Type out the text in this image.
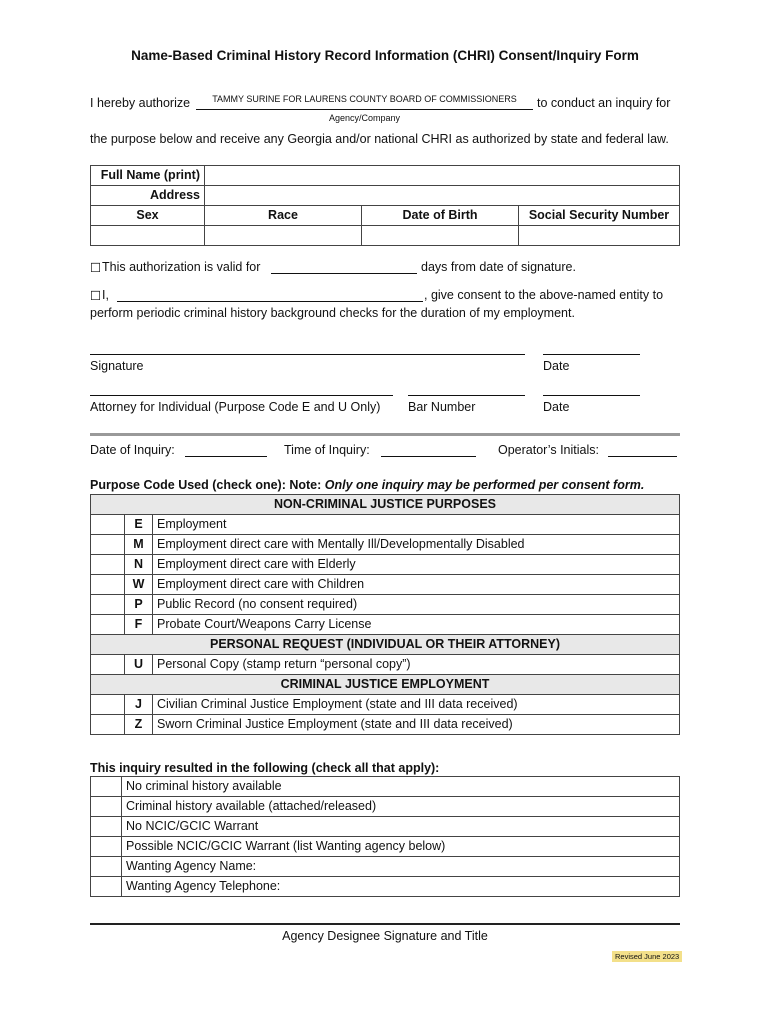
Name-Based Criminal History Record Information (CHRI) Consent/Inquiry Form
I hereby authorize	TAMMY SURINE FOR LAURENS COUNTY BOARD OF COMMISSIONERS	to conduct an inquiry for
Agency/Company
the purpose below and receive any Georgia and/or national CHRI as authorized by state and federal law.
Full Name (print)			
Address			
Sex	Race	Date of Birth	Social Security Number

☐ This authorization is valid for	days from date of signature.
☐ I,	, give consent to the above-named entity to
perform periodic criminal history background checks for the duration of my employment.
Signature	Date
Attorney for Individual (Purpose Code E and U Only) Bar Number	Date
Date of Inquiry:	Time of Inquiry:	Operator’s Initials:
Purpose Code Used (check one): Note: Only one inquiry may be performed per consent form.
NON-CRIMINAL JUSTICE PURPOSES		
	E	Employment
	M	Employment direct care with Mentally Ill/Developmentally Disabled
	N	Employment direct care with Elderly
	W	Employment direct care with Children
	P	Public Record (no consent required)
	F	Probate Court/Weapons Carry License
PERSONAL REQUEST (INDIVIDUAL OR THEIR ATTORNEY)		
	U	Personal Copy (stamp return “personal copy”)
CRIMINAL JUSTICE EMPLOYMENT		
	J	Civilian Criminal Justice Employment (state and III data received)
	Z	Sworn Criminal Justice Employment (state and III data received)
This inquiry resulted in the following (check all that apply):
	No criminal history available
	Criminal history available (attached/released)
	No NCIC/GCIC Warrant
	Possible NCIC/GCIC Warrant (list Wanting agency below)
	Wanting Agency Name:
	Wanting Agency Telephone:
Agency Designee Signature and Title
Revised June 2023
